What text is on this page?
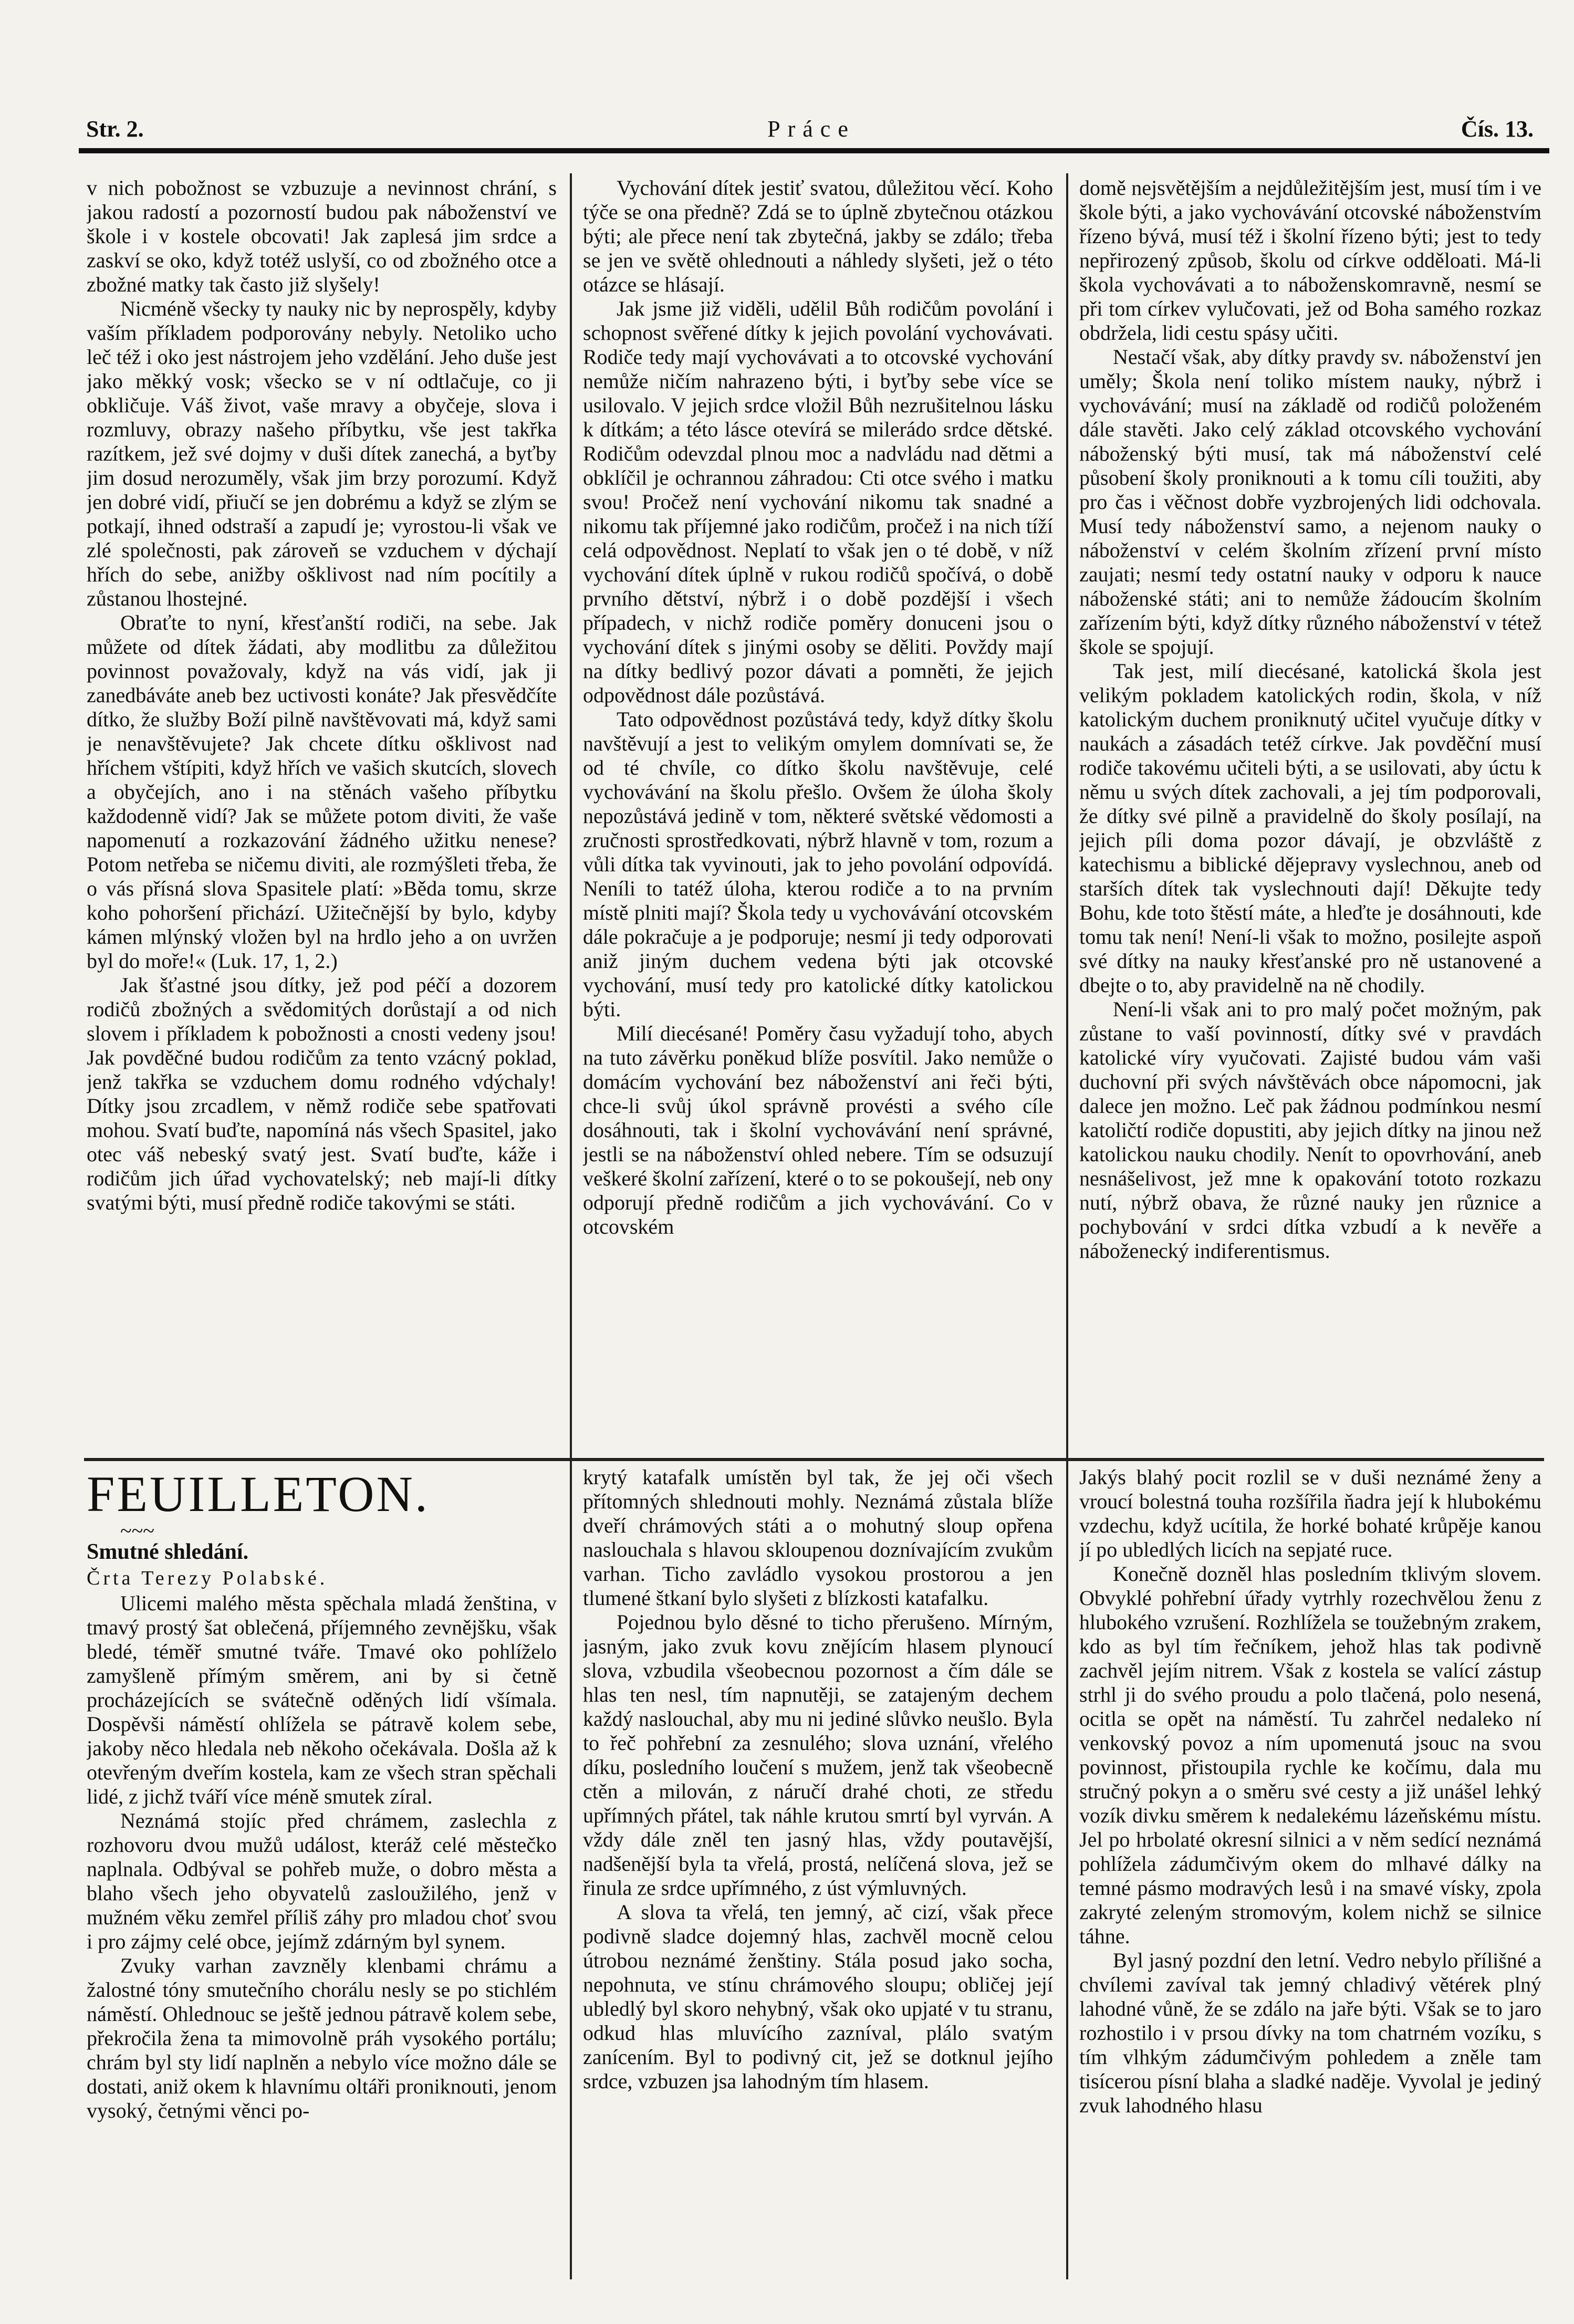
Str. 2.	Práce	Čís. 13.

v nich pobožnost se vzbuzuje a nevinnost chrání, s jakou radostí a pozorností budou pak náboženství ve škole i v kostele obcovati! Jak zaplesá jim srdce a zaskví se oko, když totéž uslyší, co od zbožného otce a zbožné matky tak často již slyšely!

Nicméně všecky ty nauky nic by neprospěly, kdyby vaším příkladem podporovány nebyly. Netoliko ucho leč též i oko jest nástrojem jeho vzdělání. Jeho duše jest jako měkký vosk; všecko se v ní odtlačuje, co ji obkličuje. Váš život, vaše mravy a obyčeje, slova i rozmluvy, obrazy našeho příbytku, vše jest takřka razítkem, jež své dojmy v duši dítek zanechá, a byťby jim dosud nerozuměly, však jim brzy porozumí. Když jen dobré vidí, přiučí se jen dobrému a když se zlým se potkají, ihned odstraší a zapudí je; vyrostou-li však ve zlé společnosti, pak zároveň se vzduchem v dýchají hřích do sebe, anižby ošklivost nad ním pocítily a zůstanou lhostejné.

Obraťte to nyní, křesťanští rodiči, na sebe. Jak můžete od dítek žádati, aby modlitbu za důležitou povinnost považovaly, když na vás vidí, jak ji zanedbáváte aneb bez uctivosti konáte? Jak přesvědčíte dítko, že služby Boží pilně navštěvovati má, když sami je nenavštěvujete? Jak chcete dítku ošklivost nad hříchem vštípiti, když hřích ve vašich skutcích, slovech a obyčejích, ano i na stěnách vašeho příbytku každodenně vidí? Jak se můžete potom diviti, že vaše napomenutí a rozkazování žádného užitku nenese? Potom netřeba se ničemu diviti, ale rozmýšleti třeba, že o vás přísná slova Spasitele platí: »Běda tomu, skrze koho pohoršení přichází. Užitečnější by bylo, kdyby kámen mlýnský vložen byl na hrdlo jeho a on uvržen byl do moře!« (Luk. 17, 1, 2.)

Jak šťastné jsou dítky, jež pod péčí a dozorem rodičů zbožných a svědomitých dorůstají a od nich slovem i příkladem k pobožnosti a cnosti vedeny jsou! Jak povděčné budou rodičům za tento vzácný poklad, jenž takřka se vzduchem domu rodného vdýchaly! Dítky jsou zrcadlem, v němž rodiče sebe spatřovati mohou. Svatí buďte, napomíná nás všech Spasitel, jako otec váš nebeský svatý jest. Svatí buďte, káže i rodičům jich úřad vychovatelský; neb mají-li dítky svatými býti, musí předně rodiče takovými se státi.

Vychování dítek jestiť svatou, důležitou věcí. Koho týče se ona předně? Zdá se to úplně zbytečnou otázkou býti; ale přece není tak zbytečná, jakby se zdálo; třeba se jen ve světě ohlednouti a náhledy slyšeti, jež o této otázce se hlásají.

Jak jsme již viděli, udělil Bůh rodičům povolání i schopnost svěřené dítky k jejich povolání vychovávati. Rodiče tedy mají vychovávati a to otcovské vychování nemůže ničím nahrazeno býti, i byťby sebe více se usilovalo. V jejich srdce vložil Bůh nezrušitelnou lásku k dítkám; a této lásce otevírá se milerádo srdce dětské. Rodičům odevzdal plnou moc a nadvládu nad dětmi a obklíčil je ochrannou záhradou: Cti otce svého i matku svou! Pročež není vychování nikomu tak snadné a nikomu tak příjemné jako rodičům, pročež i na nich tíží celá odpovědnost. Neplatí to však jen o té době, v níž vychování dítek úplně v rukou rodičů spočívá, o době prvního dětství, nýbrž i o době pozdější i všech případech, v nichž rodiče poměry donuceni jsou o vychování dítek s jinými osoby se děliti. Povždy mají na dítky bedlivý pozor dávati a pomněti, že jejich odpovědnost dále pozůstává.

Tato odpovědnost pozůstává tedy, když dítky školu navštěvují a jest to velikým omylem domnívati se, že od té chvíle, co dítko školu navštěvuje, celé vychovávání na školu přešlo. Ovšem že úloha školy nepozůstává jedině v tom, některé světské vědomosti a zručnosti sprostředkovati, nýbrž hlavně v tom, rozum a vůli dítka tak vyvinouti, jak to jeho povolání odpovídá. Neníli to tatéž úloha, kterou rodiče a to na prvním místě plniti mají? Škola tedy u vychovávání otcovském dále pokračuje a je podporuje; nesmí ji tedy odporovati aniž jiným duchem vedena býti jak otcovské vychování, musí tedy pro katolické dítky katolickou býti.

Milí diecésané! Poměry času vyžadují toho, abych na tuto závěrku poněkud blíže posvítil. Jako nemůže o domácím vychování bez náboženství ani řeči býti, chce-li svůj úkol správně provésti a svého cíle dosáhnouti, tak i školní vychovávání není správné, jestli se na náboženství ohled nebere. Tím se odsuzují veškeré školní zařízení, které o to se pokoušejí, neb ony odporují předně rodičům a jich vychovávání. Co v otcovském

domě nejsvětějším a nejdůležitějším jest, musí tím i ve škole býti, a jako vychovávání otcovské náboženstvím řízeno bývá, musí též i školní řízeno býti; jest to tedy nepřirozený způsob, školu od církve odděloati. Má-li škola vychovávati a to náboženskomravně, nesmí se při tom církev vylučovati, jež od Boha samého rozkaz obdržela, lidi cestu spásy učiti.

Nestačí však, aby dítky pravdy sv. náboženství jen uměly; Škola není toliko místem nauky, nýbrž i vychovávání; musí na základě od rodičů položeném dále stavěti. Jako celý základ otcovského vychování náboženský býti musí, tak má náboženství celé působení školy proniknouti a k tomu cíli toužiti, aby pro čas i věčnost dobře vyzbrojených lidi odchovala. Musí tedy náboženství samo, a nejenom nauky o náboženství v celém školním zřízení první místo zaujati; nesmí tedy ostatní nauky v odporu k nauce náboženské státi; ani to nemůže žádoucím školním zařízením býti, když dítky různého náboženství v tétež škole se spojují.

Tak jest, milí diecésané, katolická škola jest velikým pokladem katolických rodin, škola, v níž katolickým duchem proniknutý učitel vyučuje dítky v naukách a zásadách tetéž církve. Jak povděční musí rodiče takovému učiteli býti, a se usilovati, aby úctu k němu u svých dítek zachovali, a jej tím podporovali, že dítky své pilně a pravidelně do školy posílají, na jejich píli doma pozor dávají, je obzvláště z katechismu a biblické dějepravy vyslechnou, aneb od starších dítek tak vyslechnouti dají! Děkujte tedy Bohu, kde toto štěstí máte, a hleďte je dosáhnouti, kde tomu tak není! Není-li však to možno, posilejte aspoň své dítky na nauky křesťanské pro ně ustanovené a dbejte o to, aby pravidelně na ně chodily.

Není-li však ani to pro malý počet možným, pak zůstane to vaší povinností, dítky své v pravdách katolické víry vyučovati. Zajisté budou vám vaši duchovní při svých návštěvách obce nápomocni, jak dalece jen možno. Leč pak žádnou podmínkou nesmí katoličtí rodiče dopustiti, aby jejich dítky na jinou než katolickou nauku chodily. Nenít to opovrhování, aneb nesnášelivost, jež mne k opakování tototo rozkazu nutí, nýbrž obava, že různé nauky jen různice a pochybování v srdci dítka vzbudí a k nevěře a náboženecký indiferentismus.

FEUILLETON.

~~~

Smutné shledání.

Črta Terezy Polabské.

Ulicemi malého města spěchala mladá ženština, v tmavý prostý šat oblečená, příjemného zevnějšku, však bledé, téměř smutné tváře. Tmavé oko pohlíželo zamyšleně přímým směrem, ani by si četně procházejících se svátečně oděných lidí všímala. Dospěvši náměstí ohlížela se pátravě kolem sebe, jakoby něco hledala neb někoho očekávala. Došla až k otevřeným dveřím kostela, kam ze všech stran spěchali lidé, z jichž tváří více méně smutek zíral.

Neznámá stojíc před chrámem, zaslechla z rozhovoru dvou mužů událost, kteráž celé městečko naplnala. Odbýval se pohřeb muže, o dobro města a blaho všech jeho obyvatelů zasloužilého, jenž v mužném věku zemřel příliš záhy pro mladou choť svou i pro zájmy celé obce, jejímž zdárným byl synem.

Zvuky varhan zavzněly klenbami chrámu a žalostné tóny smutečního chorálu nesly se po stichlém náměstí. Ohlednouc se ještě jednou pátravě kolem sebe, překročila žena ta mimovolně práh vysokého portálu; chrám byl sty lidí naplněn a nebylo více možno dále se dostati, aniž okem k hlavnímu oltáři proniknouti, jenom vysoký, četnými věnci po-

krytý katafalk umístěn byl tak, že jej oči všech přítomných shlednouti mohly. Neznámá zůstala blíže dveří chrámových státi a o mohutný sloup opřena naslouchala s hlavou skloupenou doznívajícím zvukům varhan. Ticho zavládlo vysokou prostorou a jen tlumené štkaní bylo slyšeti z blízkosti katafalku.

Pojednou bylo děsné to ticho přerušeno. Mírným, jasným, jako zvuk kovu znějícím hlasem plynoucí slova, vzbudila všeobecnou pozornost a čím dále se hlas ten nesl, tím napnutěji, se zatajeným dechem každý naslouchal, aby mu ni jediné slůvko neušlo. Byla to řeč pohřební za zesnulého; slova uznání, vřelého díku, posledního loučení s mužem, jenž tak všeobecně ctěn a milován, z náručí drahé choti, ze středu upřímných přátel, tak náhle krutou smrtí byl vyrván. A vždy dále zněl ten jasný hlas, vždy poutavější, nadšenější byla ta vřelá, prostá, nelíčená slova, jež se řinula ze srdce upřímného, z úst výmluvných.

A slova ta vřelá, ten jemný, ač cizí, však přece podivně sladce dojemný hlas, zachvěl mocně celou útrobou neznámé ženštiny. Stála posud jako socha, nepohnuta, ve stínu chrámového sloupu; obličej její ubledlý byl skoro nehybný, však oko upjaté v tu stranu, odkud hlas mluvícího zazníval, plálo svatým zanícením. Byl to podivný cit, jež se dotknul jejího srdce, vzbuzen jsa lahodným tím hlasem.

Jakýs blahý pocit rozlil se v duši neznámé ženy a vroucí bolestná touha rozšířila ňadra její k hlubokému vzdechu, když ucítila, že horké bohaté krůpěje kanou jí po ubledlých licích na sepjaté ruce.

Konečně dozněl hlas posledním tklivým slovem. Obvyklé pohřební úřady vytrhly rozechvělou ženu z hlubokého vzrušení. Rozhlížela se toužebným zrakem, kdo as byl tím řečníkem, jehož hlas tak podivně zachvěl jejím nitrem. Však z kostela se valící zástup strhl ji do svého proudu a polo tlačená, polo nesená, ocitla se opět na náměstí. Tu zahrčel nedaleko ní venkovský povoz a ním upomenutá jsouc na svou povinnost, přistoupila rychle ke kočímu, dala mu stručný pokyn a o směru své cesty a již unášel lehký vozík divku směrem k nedalekému lázeňskému místu. Jel po hrbolaté okresní silnici a v něm sedící neznámá pohlížela zádumčivým okem do mlhavé dálky na temné pásmo modravých lesů i na smavé vísky, zpola zakryté zeleným stromovým, kolem nichž se silnice táhne.

Byl jasný pozdní den letní. Vedro nebylo přílišné a chvílemi zavíval tak jemný chladivý větérek plný lahodné vůně, že se zdálo na jaře býti. Však se to jaro rozhostilo i v prsou dívky na tom chatrném vozíku, s tím vlhkým zádumčivým pohledem a zněle tam tisícerou písní blaha a sladké naděje. Vyvolal je jediný zvuk lahodného hlasu
